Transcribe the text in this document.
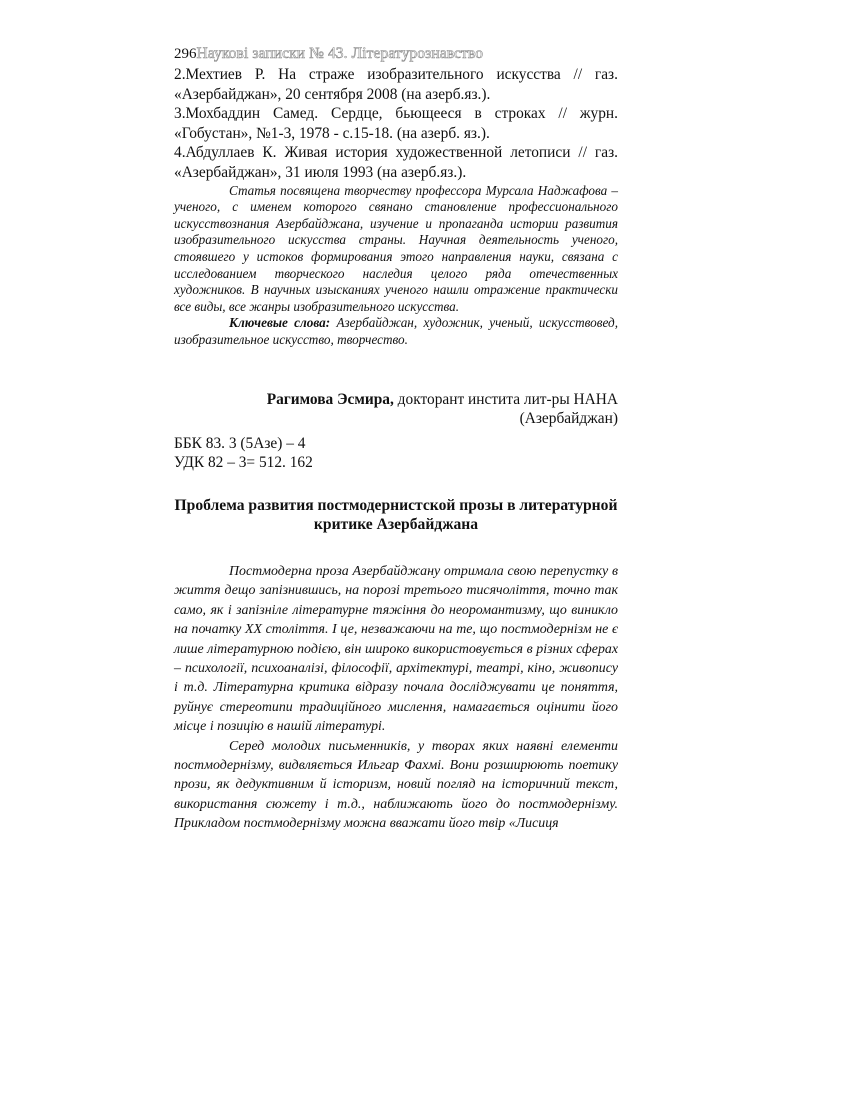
296Наукові записки № 43. Літературознавство

2.Мехтиев Р. На страже изобразительного искусства // газ. «Азербайджан», 20 сентября 2008 (на азерб.яз.).

3.Мохбаддин Самед. Сердце, бьющееся в строках // журн. «Гобустан», №1-3, 1978 - с.15-18. (на азерб. яз.).

4.Абдуллаев К. Живая история художественной летописи // газ. «Азербайджан», 31 июля 1993 (на азерб.яз.).

Статья посвящена творчеству профессора Мурсала Наджафова – ученого, с именем которого свянано становление профессионального искусствознания Азербайджана, изучение и пропаганда истории развития изобразительного искусства страны. Научная деятельность ученого, стоявшего у истоков формирования этого направления науки, связана с исследованием творческого наследия целого ряда отечественных художников. В научных изысканиях ученого нашли отражение практически все виды, все жанры изобразительного искусства.

Ключевые слова: Азербайджан, художник, ученый, искусствовед, изобразительное искусство, творчество.

Рагимова Эсмира, докторант инстита лит-ры НАНА
(Азербайджан)
ББК 83. 3 (5Азе) – 4
УДК 82 – 3= 512. 162
Проблема развития постмодернистской прозы в литературной критике Азербайджана

Постмодерна проза Азербайджану отримала свою перепустку в життя дещо запізнившись, на порозі третього тисячоліття, точно так само, як і запізніле літературне тяжіння до неоромантизму, що виникло на початку XX століття. І це, незважаючи на те, що постмодернізм не є лише літературною подією, він широко використовується в різних сферах – психології, психоаналізі, філософії, архітектурі, театрі, кіно, живопису і т.д. Літературна критика відразу почала досліджувати це поняття, руйнує стереотипи традиційного мислення, намагається оцінити його місце і позицію в нашій літературі.

Серед молодих письменників, у творах яких наявні елементи постмодернізму, видвляється Ильгар Фахмі. Вони розширюють поетику прози, як дедуктивним й історизм, новий погляд на історичний текст, використання сюжету і т.д., наближають його до постмодернізму. Прикладом постмодернізму можна вважати його твір «Лисиця
